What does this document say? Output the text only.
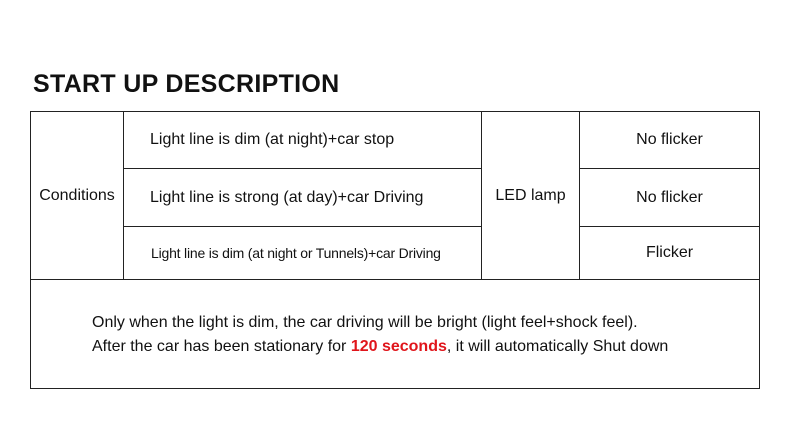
START UP DESCRIPTION
Conditions	Light line is dim (at night)+car stop	LED lamp	No flicker
	Light line is strong (at day)+car Driving		No flicker
	Light line is dim (at night or Tunnels)+car Driving		Flicker

Only when the light is dim, the car driving will be bright (light feel+shock feel).
After the car has been stationary for 120 seconds, it will automatically Shut down			
